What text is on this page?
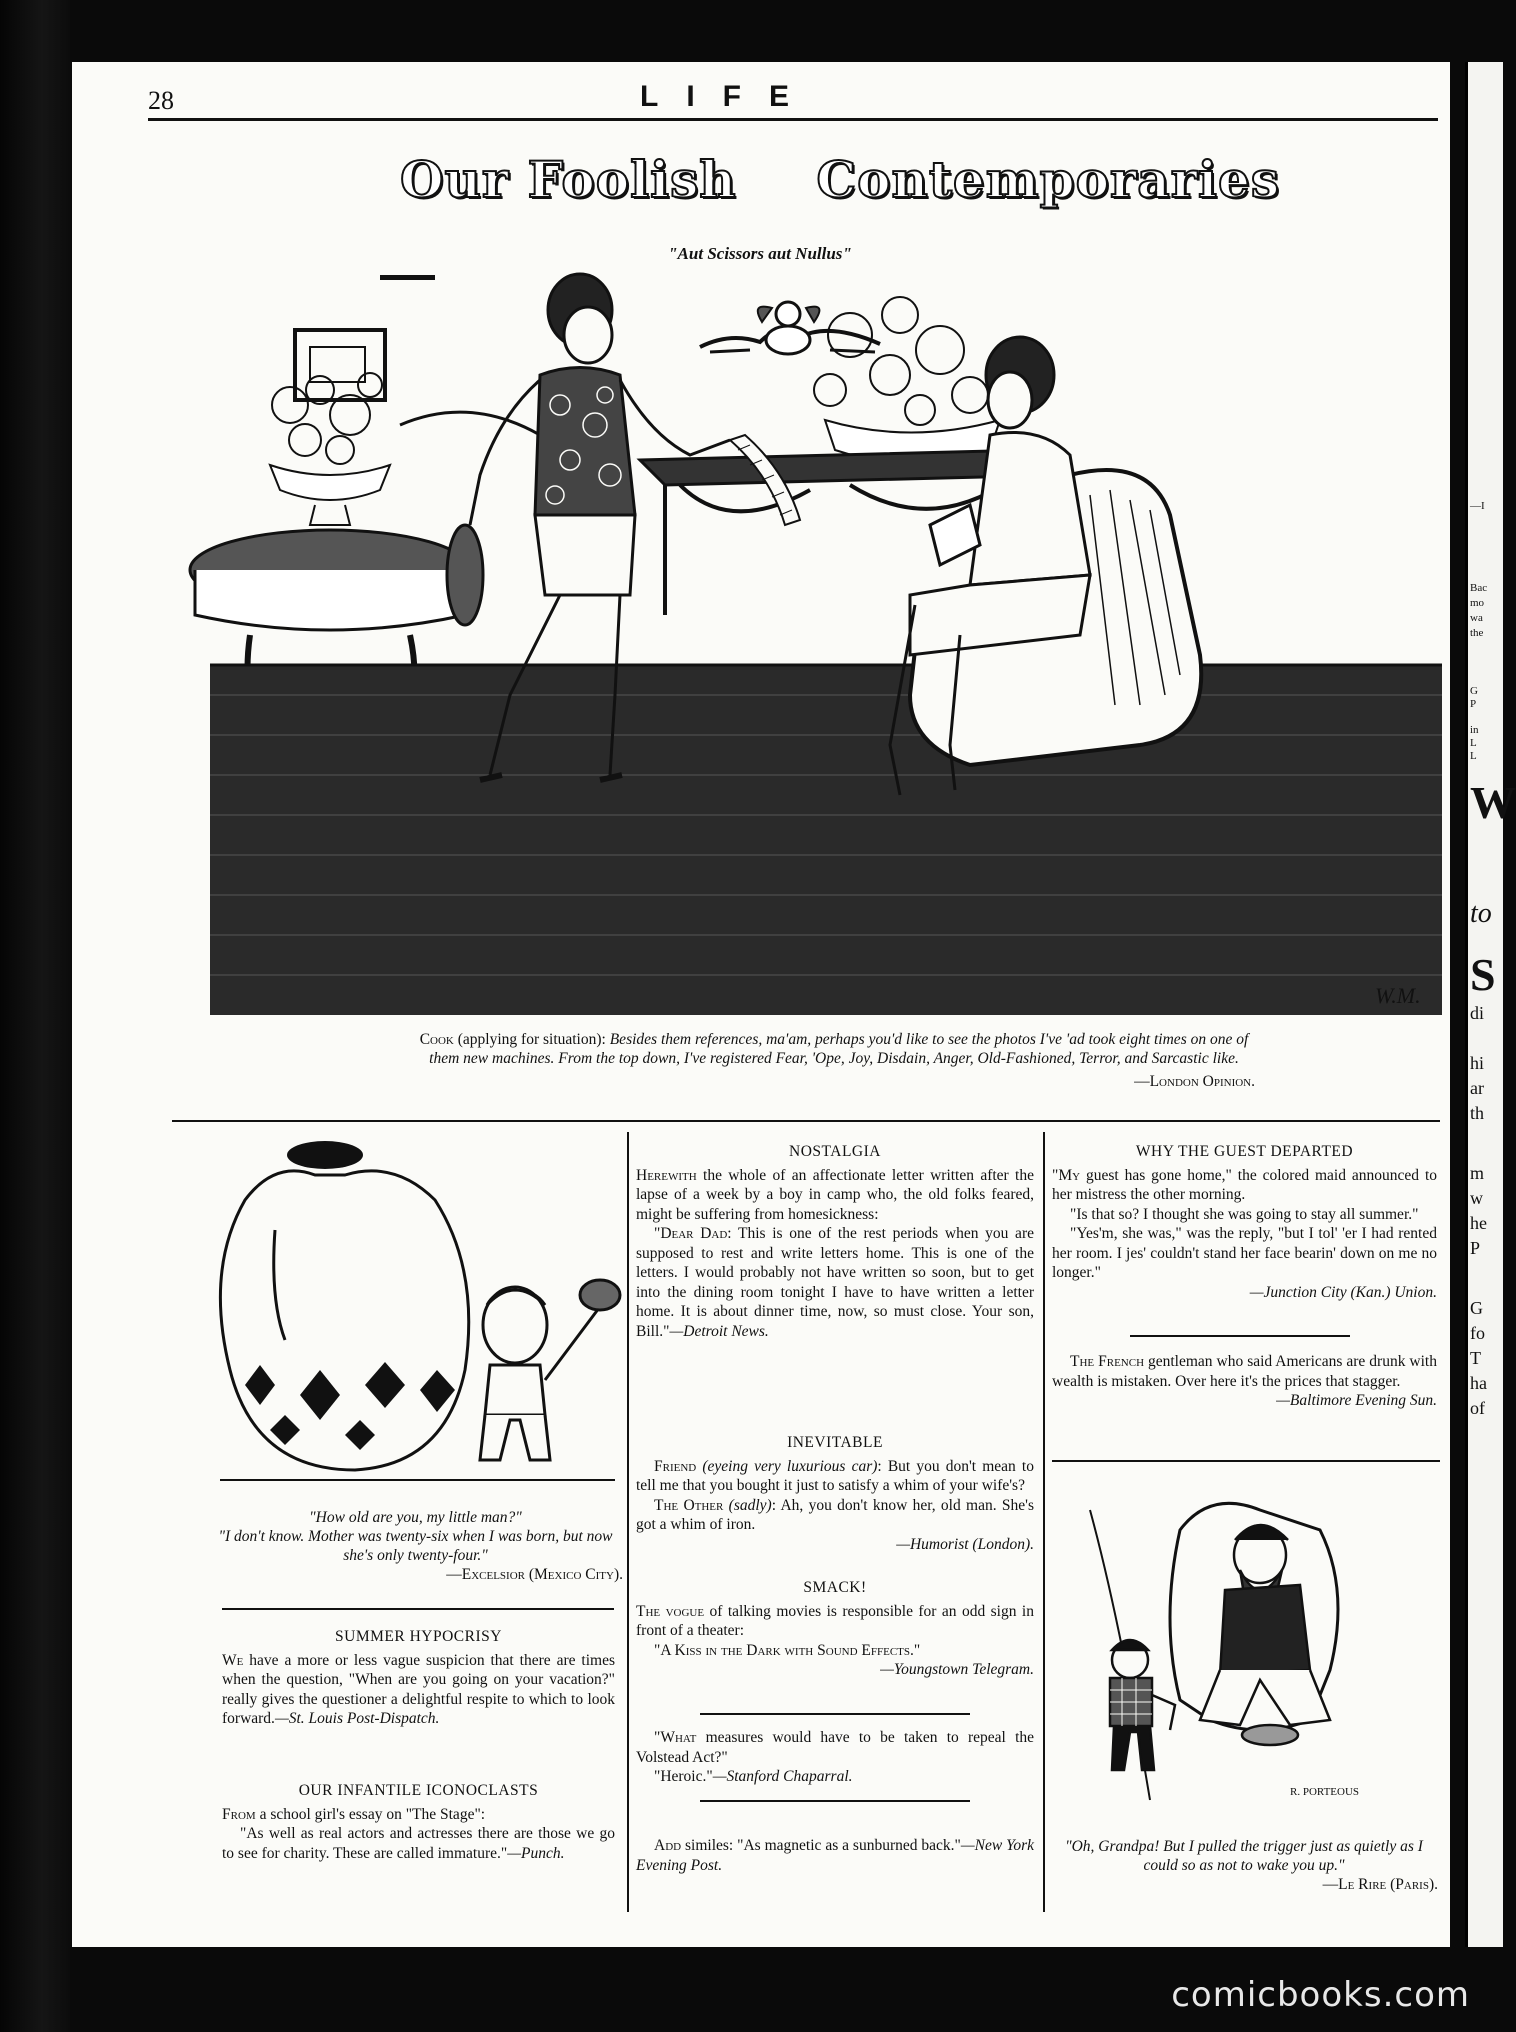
—I
Bac
mo
wa
the
G
P
in
L
L
W
to
S
di
hi
ar
th
m
w
he
P
G
fo
T
ha
of
28	LIFE
Our Foolish Contemporaries
"Aut Scissors aut Nullus"
W.M.
Cook (applying for situation): Besides them references, ma'am, perhaps you'd like to see the photos I've 'ad took eight times on one of them new machines. From the top down, I've registered Fear, 'Ope, Joy, Disdain, Anger, Old-Fashioned, Terror, and Sarcastic like.
—London Opinion.
"How old are you, my little man?"
"I don't know. Mother was twenty-six when I was born, but now she's only twenty-four."
—Excelsior (Mexico City).
SUMMER HYPOCRISY

We have a more or less vague suspicion that there are times when the question, "When are you going on your vacation?" really gives the questioner a delightful respite to which to look forward.—St. Louis Post-Dispatch.

OUR INFANTILE ICONOCLASTS

From a school girl's essay on "The Stage":

"As well as real actors and actresses there are those we go to see for charity. These are called immature."—Punch.

NOSTALGIA

Herewith the whole of an affectionate letter written after the lapse of a week by a boy in camp who, the old folks feared, might be suffering from homesickness:

"Dear Dad: This is one of the rest periods when you are supposed to rest and write letters home. This is one of the letters. I would probably not have written so soon, but to get into the dining room tonight I have to have written a letter home. It is about dinner time, now, so must close. Your son, Bill."—Detroit News.

INEVITABLE

Friend (eyeing very luxurious car): But you don't mean to tell me that you bought it just to satisfy a whim of your wife's?

The Other (sadly): Ah, you don't know her, old man. She's got a whim of iron.

—Humorist (London).
SMACK!

The vogue of talking movies is responsible for an odd sign in front of a theater:

"A Kiss in the Dark with Sound Effects."

—Youngstown Telegram.

"What measures would have to be taken to repeal the Volstead Act?"

"Heroic."—Stanford Chaparral.

Add similes: "As magnetic as a sunburned back."—New York Evening Post.

WHY THE GUEST DEPARTED

"My guest has gone home," the colored maid announced to her mistress the other morning.

"Is that so? I thought she was going to stay all summer."

"Yes'm, she was," was the reply, "but I tol' 'er I had rented her room. I jes' couldn't stand her face bearin' down on me no longer."

—Junction City (Kan.) Union.

The French gentleman who said Americans are drunk with wealth is mistaken. Over here it's the prices that stagger.

—Baltimore Evening Sun.
R. PORTEOUS
"Oh, Grandpa! But I pulled the trigger just as quietly as I could so as not to wake you up."
—Le Rire (Paris).
comicbooks.com
